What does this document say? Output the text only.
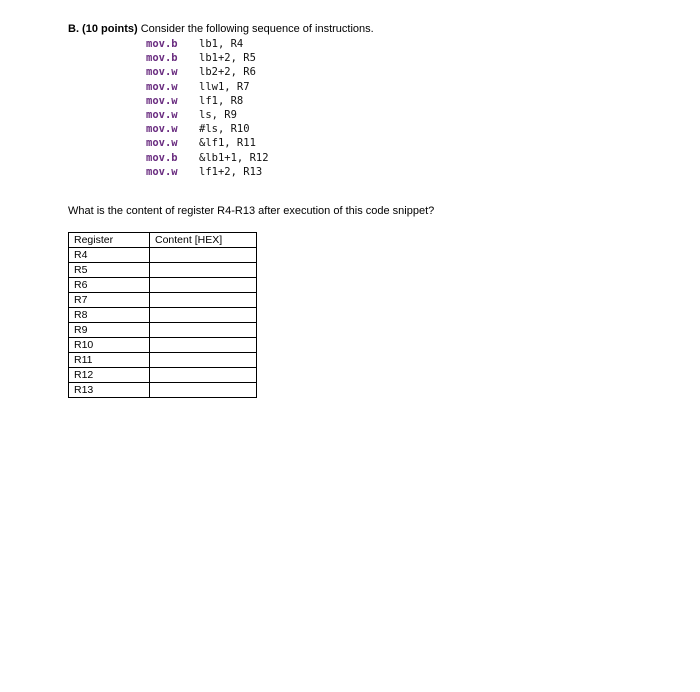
B. (10 points) Consider the following sequence of instructions.
mov.b	lb1, R4
mov.b	lb1+2, R5
mov.w	lb2+2, R6
mov.w	llw1, R7
mov.w	lf1, R8
mov.w	ls, R9
mov.w	#ls, R10
mov.w	&lf1, R11
mov.b	&lb1+1, R12
mov.w	lf1+2, R13
What is the content of register R4-R13 after execution of this code snippet?
Register	Content [HEX]
R4	
R5	
R6	
R7	
R8	
R9	
R10	
R11	
R12	
R13	
